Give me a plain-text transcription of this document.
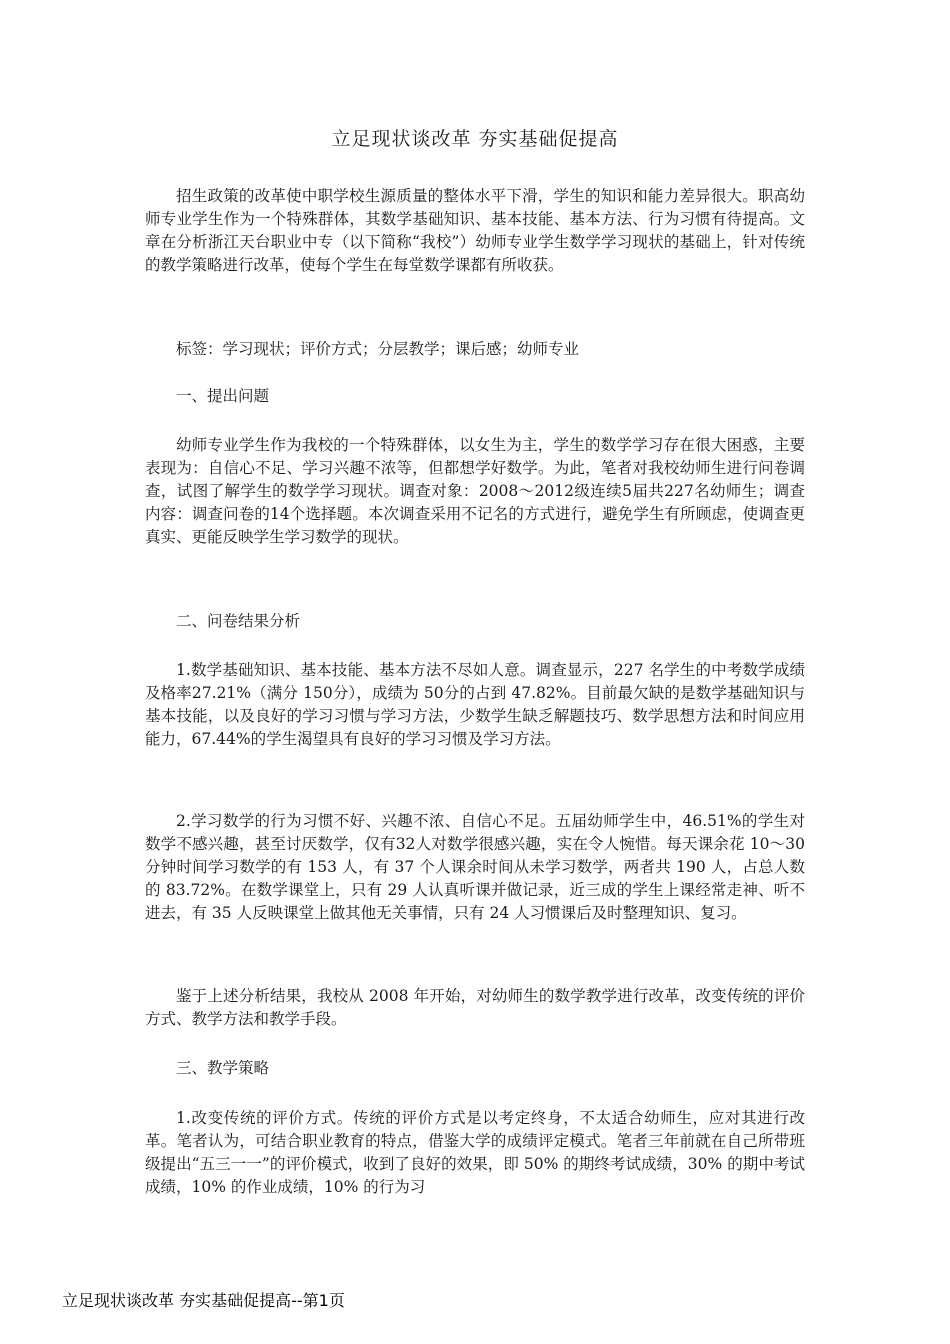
立足现状谈改革 夯实基础促提高

招生政策的改革使中职学校生源质量的整体水平下滑，学生的知识和能力差异很大。职高幼师专业学生作为一个特殊群体，其数学基础知识、基本技能、基本方法、行为习惯有待提高。文章在分析浙江天台职业中专（以下简称“我校”）幼师专业学生数学学习现状的基础上，针对传统的教学策略进行改革，使每个学生在每堂数学课都有所收获。

标签：学习现状；评价方式；分层教学；课后感；幼师专业

一、提出问题

幼师专业学生作为我校的一个特殊群体，以女生为主，学生的数学学习存在很大困惑，主要表现为：自信心不足、学习兴趣不浓等，但都想学好数学。为此，笔者对我校幼师生进行问卷调查，试图了解学生的数学学习现状。调查对象：2008～2012级连续5届共227名幼师生；调查内容：调查问卷的14个选择题。本次调查采用不记名的方式进行，避免学生有所顾虑，使调查更真实、更能反映学生学习数学的现状。

二、问卷结果分析

1.数学基础知识、基本技能、基本方法不尽如人意。调查显示，227 名学生的中考数学成绩及格率27.21%（满分 150分），成绩为 50分的占到 47.82%。目前最欠缺的是数学基础知识与基本技能，以及良好的学习习惯与学习方法，少数学生缺乏解题技巧、数学思想方法和时间应用能力，67.44%的学生渴望具有良好的学习习惯及学习方法。

2.学习数学的行为习惯不好、兴趣不浓、自信心不足。五届幼师学生中，46.51%的学生对数学不感兴趣，甚至讨厌数学，仅有32人对数学很感兴趣，实在令人惋惜。每天课余花 10～30 分钟时间学习数学的有 153 人，有 37 个人课余时间从未学习数学，两者共 190 人，占总人数的 83.72%。在数学课堂上，只有 29 人认真听课并做记录，近三成的学生上课经常走神、听不进去，有 35 人反映课堂上做其他无关事情，只有 24 人习惯课后及时整理知识、复习。

鉴于上述分析结果，我校从 2008 年开始，对幼师生的数学教学进行改革，改变传统的评价方式、教学方法和教学手段。

三、教学策略

1.改变传统的评价方式。传统的评价方式是以考定终身，不太适合幼师生，应对其进行改革。笔者认为，可结合职业教育的特点，借鉴大学的成绩评定模式。笔者三年前就在自己所带班级提出“五三一一”的评价模式，收到了良好的效果，即 50% 的期终考试成绩，30% 的期中考试成绩，10% 的作业成绩，10% 的行为习

立足现状谈改革 夯实基础促提高--第1页
